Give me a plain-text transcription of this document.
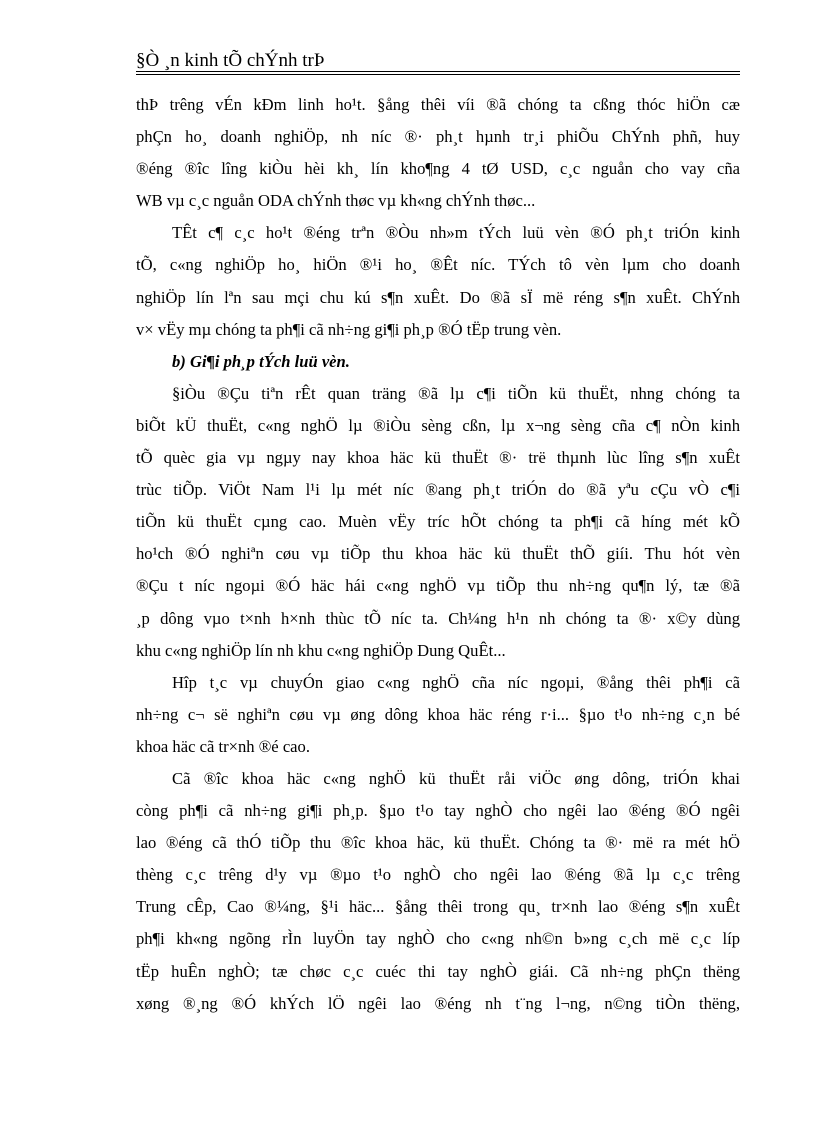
§Ò ¸n kinh tÕ chÝnh trÞ
thÞ trêng vÉn kÐm linh ho¹t. §ång thêi víi ®ã chóng ta cßng thóc hiÖn cæ
phÇn ho¸ doanh nghiÖp, nh níc ®· ph¸t hµnh tr¸i phiÕu ChÝnh phñ, huy
®éng ®îc lîng kiÒu hèi kh¸ lín kho¶ng 4 tØ USD, c¸c nguån cho vay cña
WB vµ c¸c nguån ODA chÝnh thøc vµ kh«ng chÝnh thøc...
TÊt c¶ c¸c ho¹t ®éng trªn ®Òu nh»m tÝch luü vèn ®Ó ph¸t triÓn kinh
tÕ, c«ng nghiÖp ho¸ hiÖn ®¹i ho¸ ®Êt níc. TÝch tô vèn lµm cho doanh
nghiÖp lín lªn sau mçi chu kú s¶n xuÊt. Do ®ã sÏ më réng s¶n xuÊt. ChÝnh
v× vËy mµ chóng ta ph¶i cã nh÷ng gi¶i ph¸p ®Ó tËp trung vèn.
b) Gi¶i ph¸p tÝch luü vèn.
§iÒu ®Çu tiªn rÊt quan träng ®ã lµ c¶i tiÕn kü thuËt, nhng chóng ta
biÕt kÜ thuËt, c«ng nghÖ lµ ®iÒu sèng cßn, lµ x¬ng sèng cña c¶ nÒn kinh
tÕ quèc gia vµ ngµy nay khoa häc kü thuËt ®· trë thµnh lùc lîng s¶n xuÊt
trùc tiÕp. ViÖt Nam l¹i lµ mét níc ®ang ph¸t triÓn do ®ã yªu cÇu vÒ c¶i
tiÕn kü thuËt cµng cao. Muèn vËy tríc hÕt chóng ta ph¶i cã híng mét kÕ
ho¹ch ®Ó nghiªn cøu vµ tiÕp thu khoa häc kü thuËt thÕ giíi. Thu hót vèn
®Çu t níc ngoµi ®Ó häc hái c«ng nghÖ vµ tiÕp thu nh÷ng qu¶n lý, tæ ®ã
¸p dông vµo t×nh h×nh thùc tÕ níc ta. Ch¼ng h¹n nh chóng ta ®· x©y dùng
khu c«ng nghiÖp lín nh khu c«ng nghiÖp Dung QuÊt...
Hîp t¸c vµ chuyÓn giao c«ng nghÖ cña níc ngoµi, ®ång thêi ph¶i cã
nh÷ng c¬ së nghiªn cøu vµ øng dông khoa häc réng r·i... §µo t¹o nh÷ng c¸n bé
khoa häc cã tr×nh ®é cao.
Cã ®îc khoa häc c«ng nghÖ kü thuËt råi viÖc øng dông, triÓn khai
còng ph¶i cã nh÷ng gi¶i ph¸p. §µo t¹o tay nghÒ cho ngêi lao ®éng ®Ó ngêi
lao ®éng cã thÓ tiÕp thu ®îc khoa häc, kü thuËt. Chóng ta ®· më ra mét hÖ
thèng c¸c trêng d¹y vµ ®µo t¹o nghÒ cho ngêi lao ®éng ®ã lµ c¸c trêng
Trung cÊp, Cao ®¼ng, §¹i häc... §ång thêi trong qu¸ tr×nh lao ®éng s¶n xuÊt
ph¶i kh«ng ngõng rÌn luyÖn tay nghÒ cho c«ng nh©n b»ng c¸ch më c¸c líp
tËp huÊn nghÒ; tæ chøc c¸c cuéc thi tay nghÒ giái. Cã nh÷ng phÇn thëng
xøng ®¸ng ®Ó khÝch lÖ ngêi lao ®éng nh t¨ng l¬ng, n©ng tiÒn thëng,
